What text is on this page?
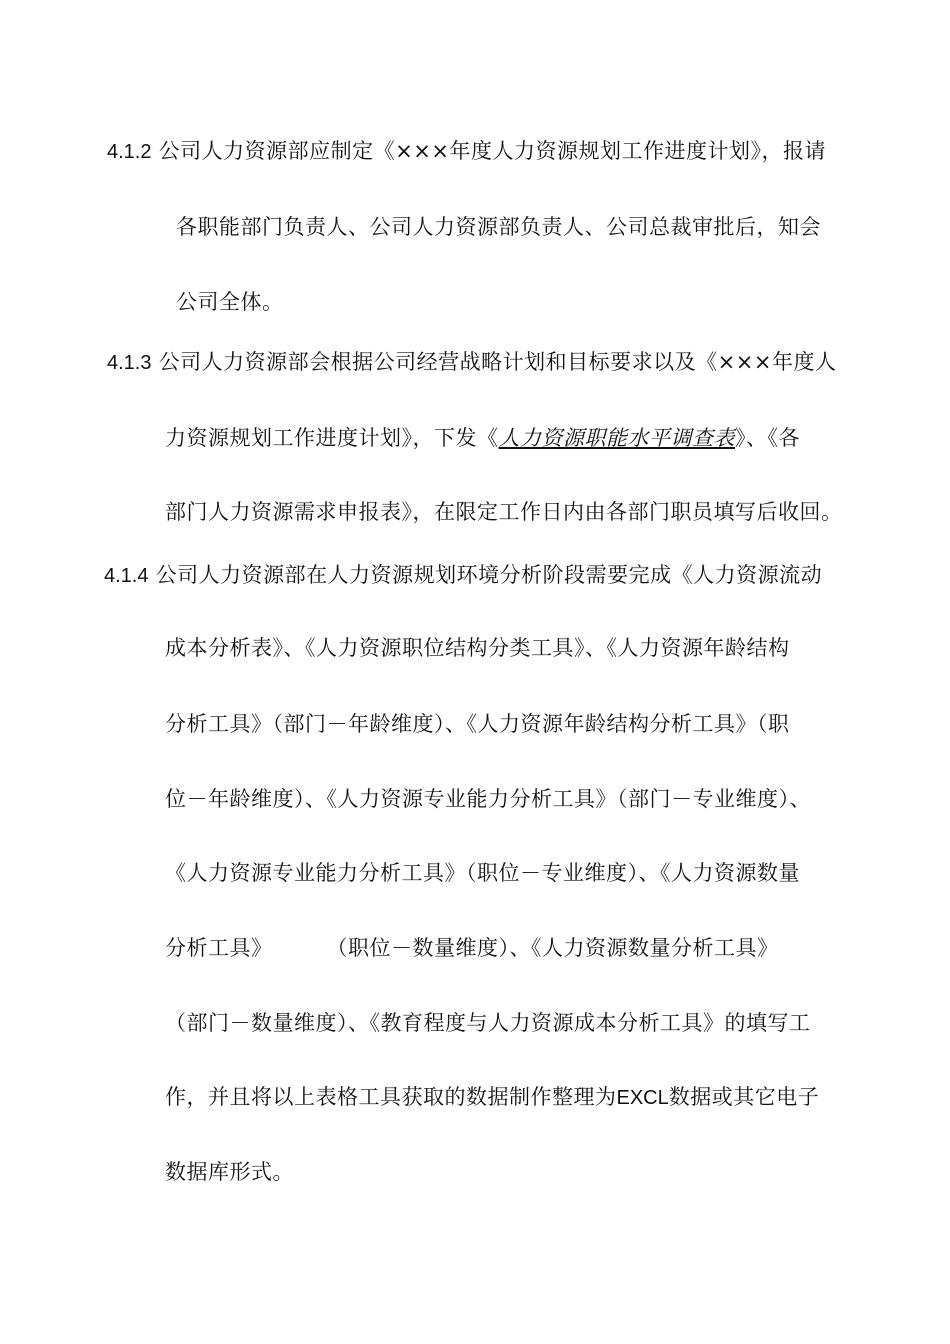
4.1.2 公司人力资源部应制定《×××年度人力资源规划工作进度计划》，报请
各职能部门负责人、公司人力资源部负责人、公司总裁审批后，知会
公司全体。
4.1.3 公司人力资源部会根据公司经营战略计划和目标要求以及《×××年度人
力资源规划工作进度计划》，下发《人力资源职能水平调查表》、《各
部门人力资源需求申报表》，在限定工作日内由各部门职员填写后收回。
4.1.4 公司人力资源部在人力资源规划环境分析阶段需要完成《人力资源流动
成本分析表》、《人力资源职位结构分类工具》、《人力资源年龄结构
分析工具》（部门－年龄维度）、《人力资源年龄结构分析工具》（职
位－年龄维度）、《人力资源专业能力分析工具》（部门－专业维度）、
《人力资源专业能力分析工具》（职位－专业维度）、《人力资源数量
分析工具》	（职位－数量维度）、《人力资源数量分析工具》
（部门－数量维度）、《教育程度与人力资源成本分析工具》的填写工
作，并且将以上表格工具获取的数据制作整理为EXCL数据或其它电子
数据库形式。
